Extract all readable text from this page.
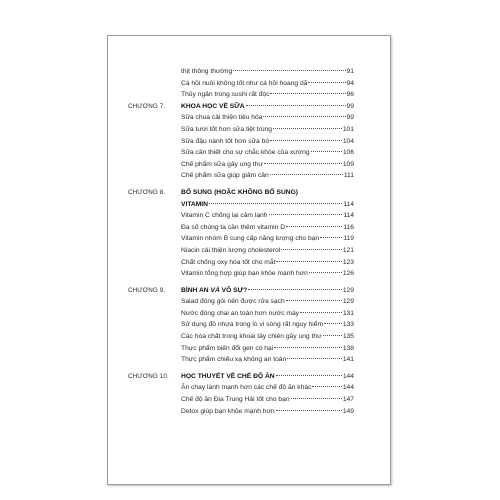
thịt thông thường	91
Cá hồi nuôi không tốt như cá hồi hoang dã	94
Thủy ngân trong sushi rất độc	96
CHƯƠNG 7. KHOA HỌC VỀ SỮA	99
Sữa chua cải thiện tiêu hóa	99
Sữa tươi tốt hơn sữa tiệt trùng	101
Sữa đậu nành tốt hơn sữa bò	104
Sữa cần thiết cho sự chắc khỏe của xương	106
Chế phẩm sữa gây ung thư	109
Chế phẩm sữa giúp giảm cân	111
CHƯƠNG 8. BỔ SUNG (HOẶC KHÔNG BỔ SUNG)
VITAMIN	114
Vitamin C chống lại cảm lạnh	114
Đa số chúng ta cần thêm vitamin D	116
Vitamin nhóm B cung cấp năng lượng cho bạn	119
Niacin cải thiện lượng cholesterol	121
Chất chống oxy hóa tốt cho mắt	123
Vitamin tổng hợp giúp bạn khỏe mạnh hơn	126
CHƯƠNG 9. BÌNH AN VÀ VÔ SỰ?	129
Salad đóng gói nên được rửa sạch	129
Nước đóng chai an toàn hơn nước máy	131
Sử dụng đồ nhựa trong lò vi sóng rất nguy hiểm	133
Các hóa chất trong khoai tây chiên gây ung thư	135
Thực phẩm biến đổi gen có hại	138
Thực phẩm chiếu xạ không an toàn	141
CHƯƠNG 10. HỌC THUYẾT VỀ CHẾ ĐỘ ĂN	144
Ăn chay lành mạnh hơn các chế độ ăn khác	144
Chế độ ăn Địa Trung Hải tốt cho bạn	147
Detox giúp bạn khỏe mạnh hơn	149
